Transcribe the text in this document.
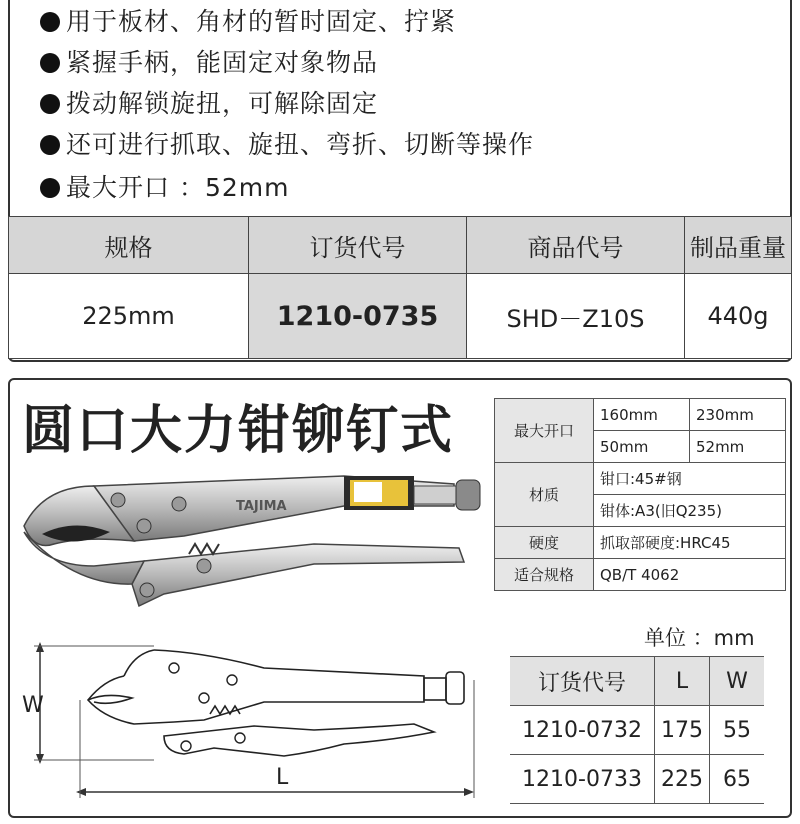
用于板材、角材的暂时固定、拧紧
紧握手柄，能固定对象物品
拨动解锁旋扭，可解除固定
还可进行抓取、旋扭、弯折、切断等操作
最大开口 ：52mm
规格	订货代号	商品代号	制品重量
225mm	1210-0735	SHD－Z10S	440g
圆口大力钳铆钉式	最大开口	160mm	230mm
	50mm	52mm
材质	钳口:45#钢	
	钳体:A3(旧Q235)	
硬度	抓取部硬度:HRC45	
适合规格	QB/T 4062	
TAJIMA
W
L
单位 ：mm
订货代号	L	W
1210-0732	175	55
1210-0733	225	65
